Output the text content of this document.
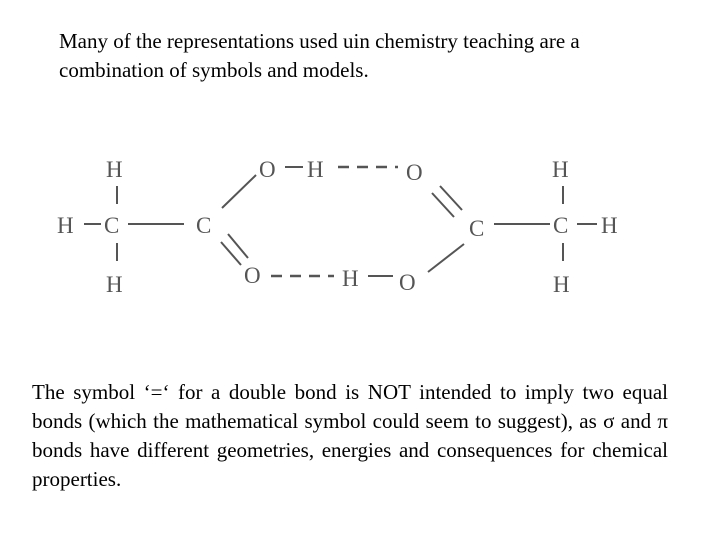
Many of the representations used uin chemistry teaching are a
combination of symbols and models.

H
H C
H
C
O H
O
O
C
H O
H
C H
H

The symbol ‘=‘ for a double bond is NOT intended to imply two equal bonds (which the mathematical symbol could seem to suggest), as σ and π bonds have different geometries, energies and consequences for chemical properties.
